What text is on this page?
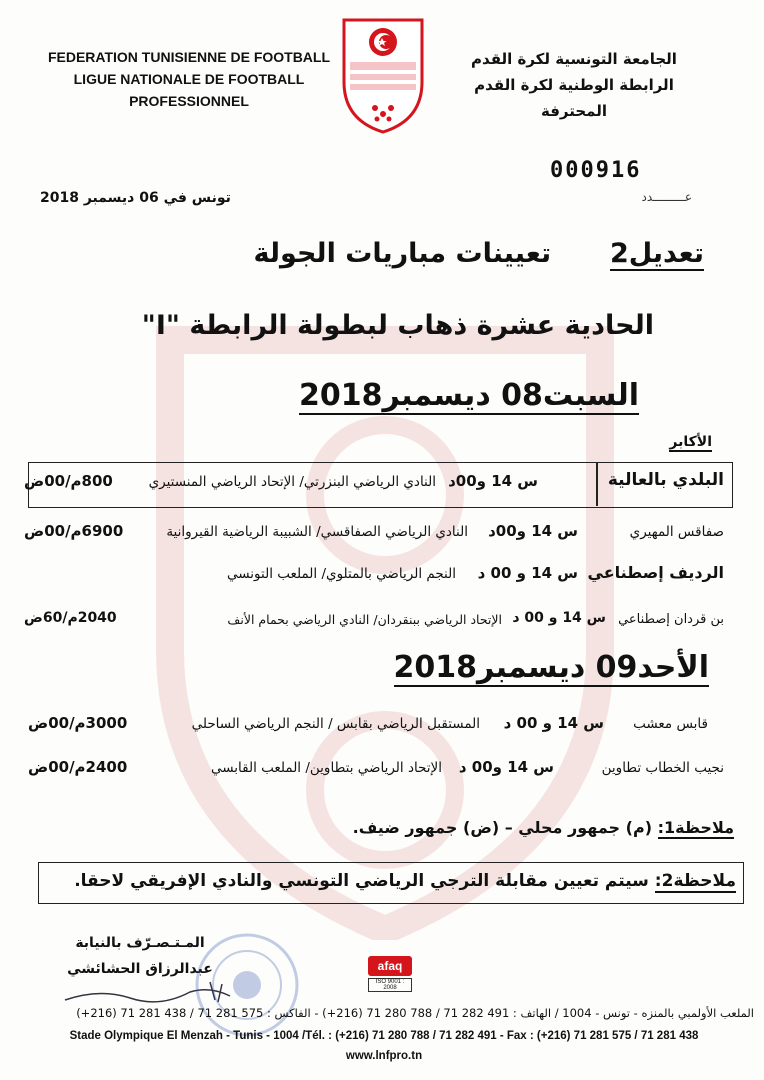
FEDERATION TUNISIENNE DE FOOTBALL
LIGUE NATIONALE DE FOOTBALL
PROFESSIONNEL
الجامعة التونسية لكرة القدم
الرابطة الوطنية لكرة القدم
المحترفة
000916
عـــــــــدد
تونس في 06 ديسمبر 2018
تعديل2  تعيينات مباريات الجولة
الحادية عشرة ذهاب لبطولة الرابطة "I"
السبت08 ديسمبر2018
الأكابر
البلدي بالعالية
س 14 و00د
النادي الرياضي البنزرتي/ الإتحاد الرياضي المنستيري
800م/00ض
صفاقس المهيري
س 14 و00د
النادي الرياضي الصفاقسي/ الشبيبة الرياضية القيروانية
6900م/00ض
الرديف إصطناعي
س 14 و 00 د
النجم الرياضي بالمتلوي/ الملعب التونسي
بن قردان إصطناعي
س 14 و 00 د
الإتحاد الرياضي ببنقردان/ النادي الرياضي بحمام الأنف
2040م/60ض
الأحد09 ديسمبر2018
قابس معشب
س 14 و 00 د
المستقبل الرياضي بقابس / النجم الرياضي الساحلي
3000م/00ض
نجيب الخطاب تطاوين
س 14 و00 د
الإتحاد الرياضي بتطاوين/ الملعب القابسي
2400م/00ض
ملاحظة1: (م) جمهور محلي – (ض) جمهور ضيف.
ملاحظة2: سيتم تعيين مقابلة الترجي الرياضي التونسي والنادي الإفريقي لاحقا.
المـتـصـرّف بالنيابة
عبدالرزاق الحشائشي	afaq
ISO 9001 : 2008
الملعب الأولمبي بالمنزه - تونس - 1004 / الهاتف : 491 282 71 / 788 280 71 (216+) - الفاكس : 575 281 71 / 438 281 71 (216+)
Stade Olympique El Menzah - Tunis - 1004 /Tél. : (+216) 71 280 788 / 71 282 491 - Fax : (+216) 71 281 575 / 71 281 438
www.lnfpro.tn
